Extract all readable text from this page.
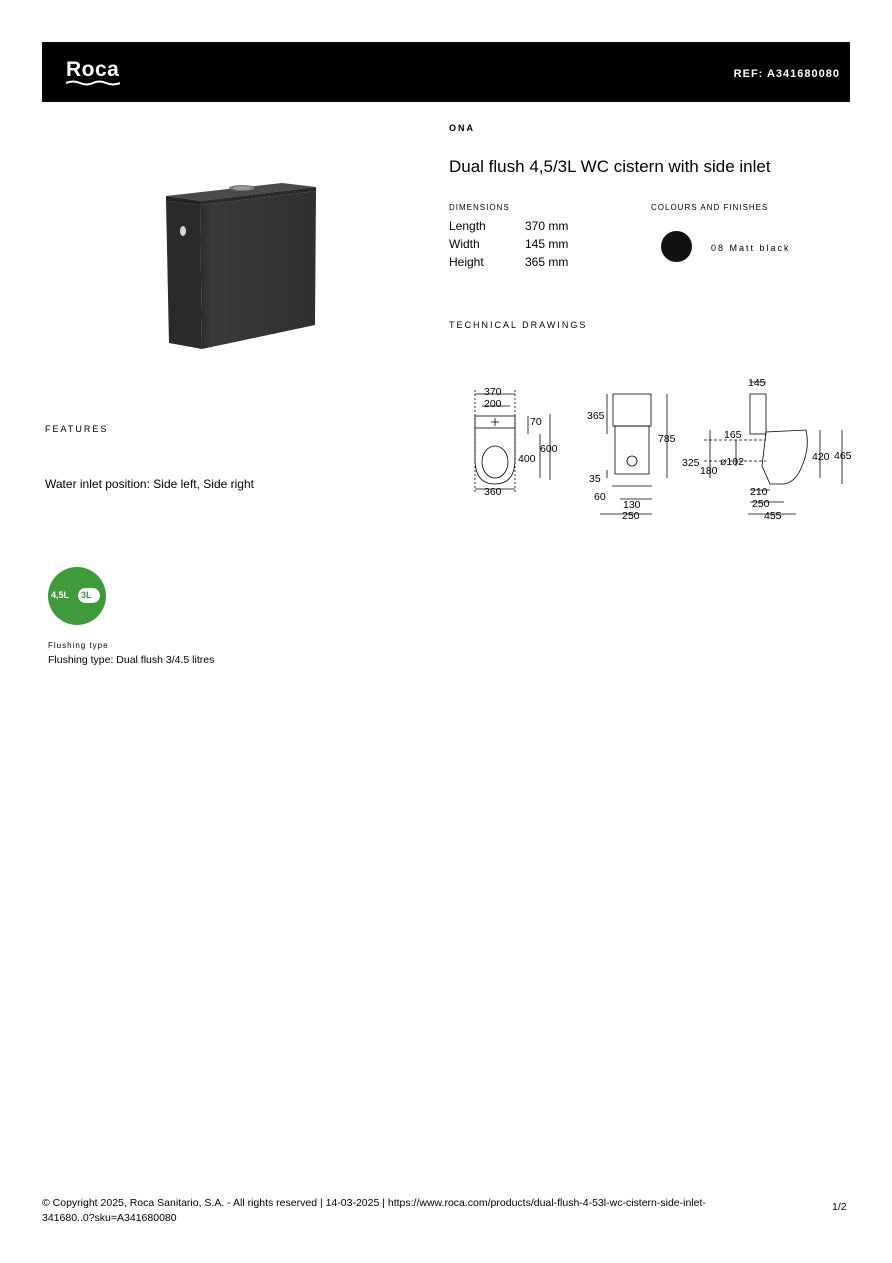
Roca	REF: A341680080
ONA
Dual flush 4,5/3L WC cistern with side inlet
DIMENSIONS
Length	370 mm
Width	145 mm
Height	365 mm
COLOURS AND FINISHES
08 Matt black
TECHNICAL DRAWINGS
370
200
70
600
400
360
365
785
35
60
130
250
145
165
325
180
ø102	420 465
210
250
455
FEATURES
Water inlet position: Side left, Side right
4,5L 3L
Flushing type
Flushing type: Dual flush 3/4.5 litres
© Copyright 2025, Roca Sanitario, S.A. - All rights reserved | 14-03-2025 | https://www.roca.com/products/dual-flush-4-53l-wc-cistern-side-inlet-
341680..0?sku=A341680080
1/2
